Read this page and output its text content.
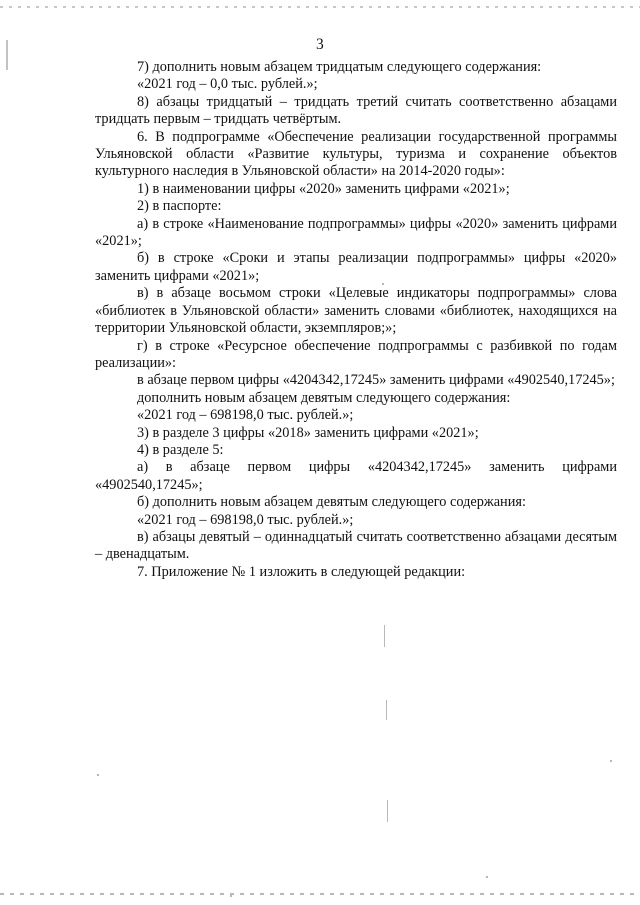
3

7) дополнить новым абзацем тридцатым следующего содержания:

«2021 год – 0,0 тыс. рублей.»;

8) абзацы тридцатый – тридцать третий считать соответственно абзацами тридцать первым – тридцать четвёртым.

6. В подпрограмме «Обеспечение реализации государственной программы Ульяновской области «Развитие культуры, туризма и сохранение объектов культурного наследия в Ульяновской области» на 2014-2020 годы»:

1) в наименовании цифры «2020» заменить цифрами «2021»;

2) в паспорте:

а) в строке «Наименование подпрограммы» цифры «2020» заменить цифрами «2021»;

б) в строке «Сроки и этапы реализации подпрограммы» цифры «2020» заменить цифрами «2021»;

в) в абзаце восьмом строки «Целевые индикаторы подпрограммы» слова «библиотек в Ульяновской области» заменить словами «библиотек, находящихся на территории Ульяновской области, экземпляров;»;

г) в строке «Ресурсное обеспечение подпрограммы с разбивкой по годам реализации»:

в абзаце первом цифры «4204342,17245» заменить цифрами «4902540,17245»;

дополнить новым абзацем девятым следующего содержания:

«2021 год – 698198,0 тыс. рублей.»;

3) в разделе 3 цифры «2018» заменить цифрами «2021»;

4) в разделе 5:

а) в абзаце первом цифры «4204342,17245» заменить цифрами «4902540,17245»;

б) дополнить новым абзацем девятым следующего содержания:

«2021 год – 698198,0 тыс. рублей.»;

в) абзацы девятый – одиннадцатый считать соответственно абзацами десятым – двенадцатым.

7. Приложение № 1 изложить в следующей редакции:
